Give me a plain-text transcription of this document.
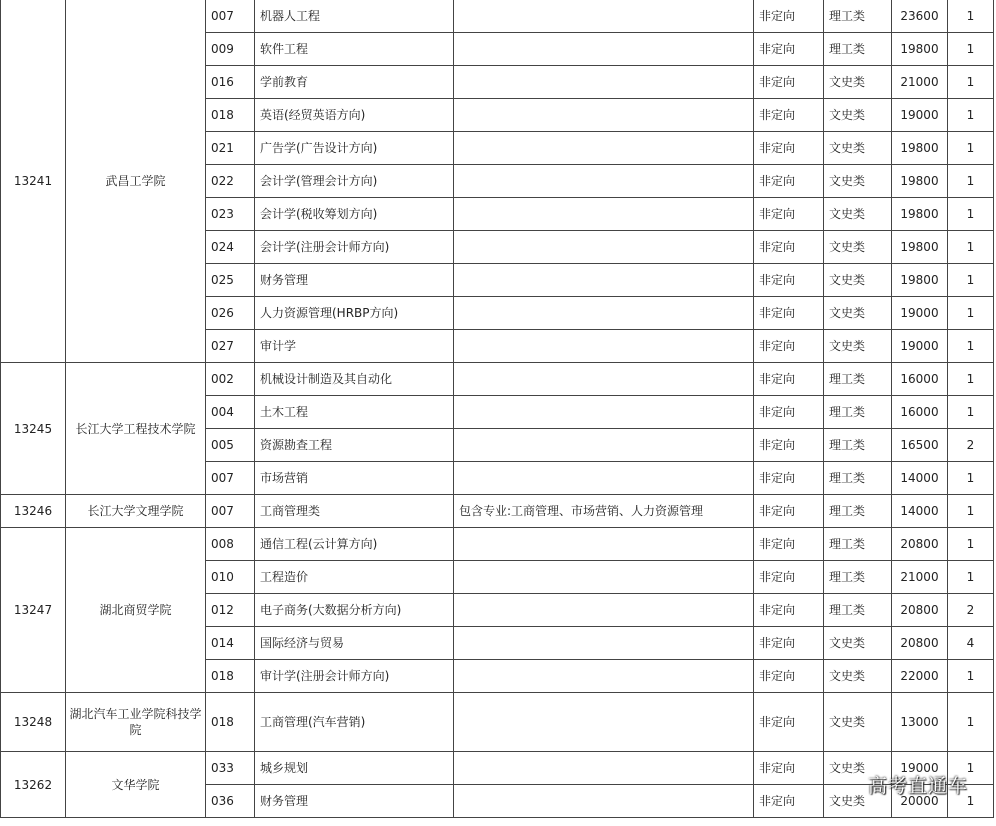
13241	武昌工学院	007	机器人工程		非定向	理工类	23600	1
		009	软件工程		非定向	理工类	19800	1
		016	学前教育		非定向	文史类	21000	1
		018	英语(经贸英语方向)		非定向	文史类	19000	1
		021	广告学(广告设计方向)		非定向	文史类	19800	1
		022	会计学(管理会计方向)		非定向	文史类	19800	1
		023	会计学(税收筹划方向)		非定向	文史类	19800	1
		024	会计学(注册会计师方向)		非定向	文史类	19800	1
		025	财务管理		非定向	文史类	19800	1
		026	人力资源管理(HRBP方向)		非定向	文史类	19000	1
		027	审计学		非定向	文史类	19000	1
13245	长江大学工程技术学院	002	机械设计制造及其自动化		非定向	理工类	16000	1
		004	土木工程		非定向	理工类	16000	1
		005	资源勘查工程		非定向	理工类	16500	2
		007	市场营销		非定向	理工类	14000	1
13246	长江大学文理学院	007	工商管理类	包含专业:工商管理、市场营销、人力资源管理	非定向	理工类	14000	1
13247	湖北商贸学院	008	通信工程(云计算方向)		非定向	理工类	20800	1
		010	工程造价		非定向	理工类	21000	1
		012	电子商务(大数据分析方向)		非定向	理工类	20800	2
		014	国际经济与贸易		非定向	文史类	20800	4
		018	审计学(注册会计师方向)		非定向	文史类	22000	1
13248	湖北汽车工业学院科技学院	018	工商管理(汽车营销)		非定向	文史类	13000	1
13262	文华学院	033	城乡规划		非定向	文史类	19000	1
		036	财务管理		非定向	文史类	20000	1
高考直通车
